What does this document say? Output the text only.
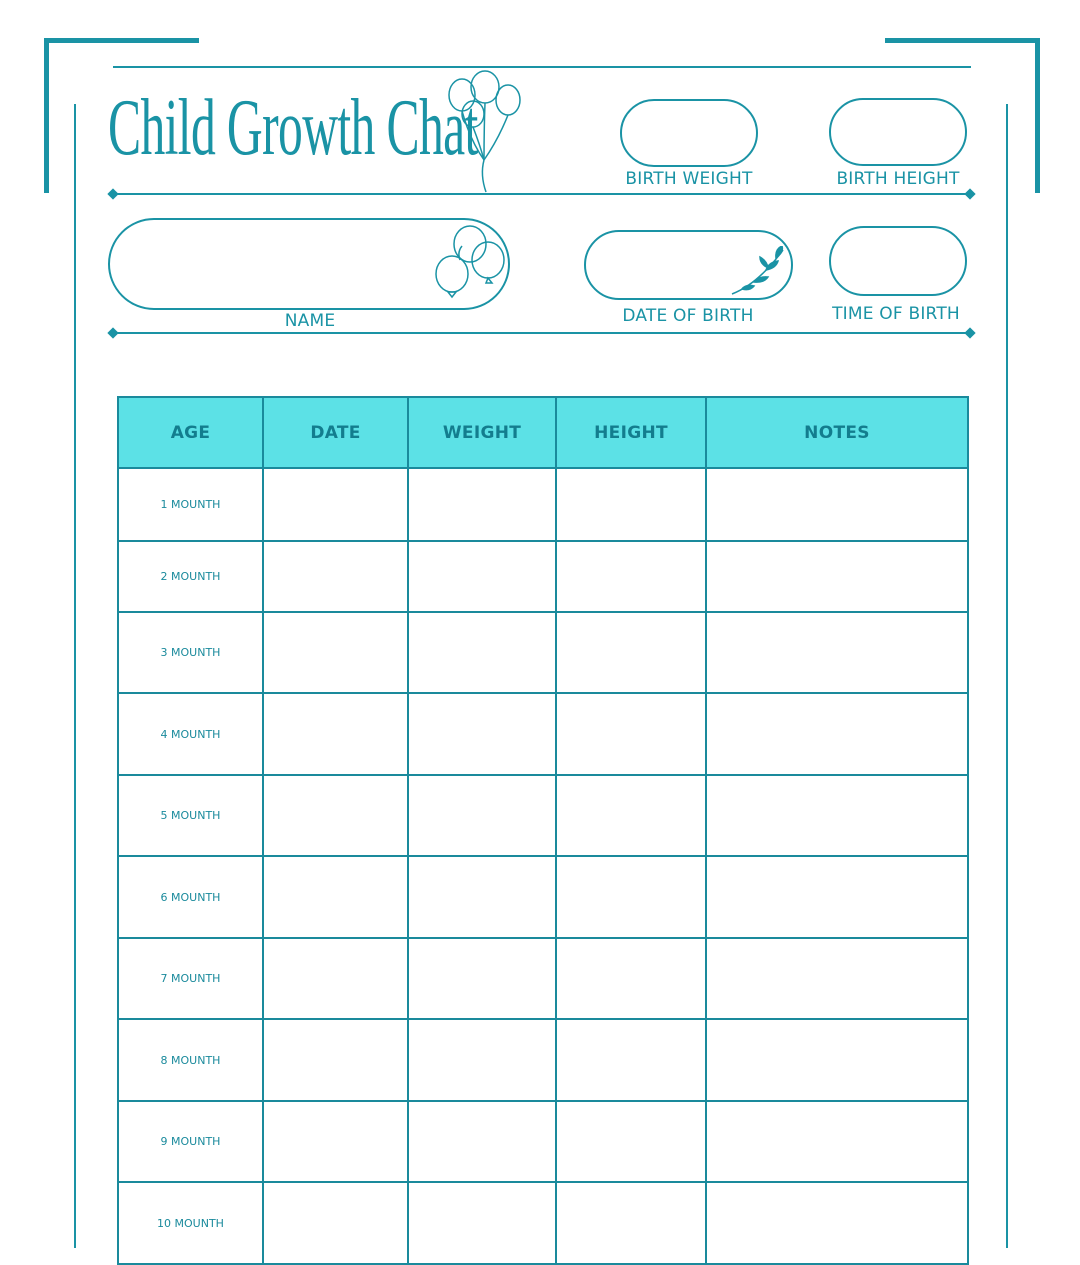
Child Growth Chat
BIRTH WEIGHT	BIRTH HEIGHT
NAME	DATE OF BIRTH	TIME OF BIRTH
AGE	DATE	WEIGHT	HEIGHT	NOTES
1 MOUNTH				
2 MOUNTH				
3 MOUNTH				
4 MOUNTH				
5 MOUNTH				
6 MOUNTH				
7 MOUNTH				
8 MOUNTH				
9 MOUNTH				
10 MOUNTH				
